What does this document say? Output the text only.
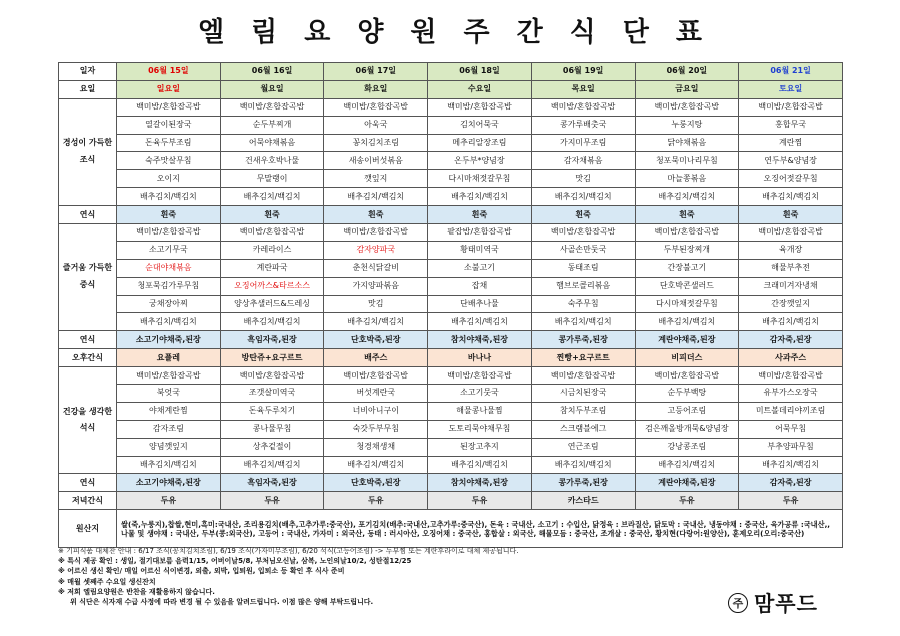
엘림요양원주간식단표
일자	06월 15일	06월 16일	06월 17일	06월 18일	06월 19일	06월 20일	06월 21일
요일	일요일	월요일	화요일	수요일	목요일	금요일	토요일
경성이 가득한 조식	백미밥/혼합잡곡밥	백미밥/혼합잡곡밥	백미밥/혼합잡곡밥	백미밥/혼합잡곡밥	백미밥/혼합잡곡밥	백미밥/혼합잡곡밥	백미밥/혼합잡곡밥
	열갈이된장국	순두부찌개	아욱국	김치어묵국	콩가루배춧국	누룽지탕	홍합무국
	돈육두부조림	어묵야채볶음	꽁치김치조림	메추리알장조림	가지미무조림	닭야채볶음	계란찜
	숙주맛살무침	건새우호박나물	새송이버섯볶음	온두부*양념장	감자채볶음	청포묵미나리무침	연두부&양념장
	오이지	무말랭이	깻잎지	다시마채젓갈무침	맛김	마늘쫑볶음	오징어젓갈무침
	배추김치/백김치	배추김치/백김치	배추김치/백김치	배추김치/백김치	배추김치/백김치	배추김치/백김치	배추김치/백김치
연식	흰죽	흰죽	흰죽	흰죽	흰죽	흰죽	흰죽
즐거움 가득한 중식	백미밥/혼합잡곡밥	백미밥/혼합잡곡밥	백미밥/혼합잡곡밥	팥잡밥/혼합잡곡밥	백미밥/혼합잡곡밥	백미밥/혼합잡곡밥	백미밥/혼합잡곡밥
	소고기무국	카레라이스	감자양파국	황태미역국	사골손만둣국	두부된장찌개	육개장
	순대야채볶음	계란파국	춘천식닭갈비	소불고기	동태조림	간장불고기	해물부추전
	청포묵김가루무침	오징어까스&타르소스	가지양파볶음	잡채	햄브로콜리볶음	단호박콘샐러드	크래미겨자냉채
	궁채장아찌	양상추샐러드&드레싱	맛김	단배추나물	숙주무침	다시마채젓갈무침	간장깻잎지
	배추김치/백김치	배추김치/백김치	배추김치/백김치	배추김치/백김치	배추김치/백김치	배추김치/백김치	배추김치/백김치
연식	소고기야채죽,된장	흑임자죽,된장	단호박죽,된장	참치야채죽,된장	콩가루죽,된장	계란야채죽,된장	감자죽,된장
오후간식	요플레	방탄쥬+요구르트	배주스	바나나	찐빵+요구르트	비피더스	사과주스
건강을 생각한 석식	백미밥/혼합잡곡밥	백미밥/혼합잡곡밥	백미밥/혼합잡곡밥	백미밥/혼합잡곡밥	백미밥/혼합잡곡밥	백미밥/혼합잡곡밥	백미밥/혼합잡곡밥
	북엇국	조갯살미역국	버섯계란국	소고기뭇국	시금치된장국	순두부백탕	유부가스오장국
	야채계란찜	돈육두루치기	너비아니구이	해물콩나물찜	참치두부조림	고등어조림	미트볼데리야끼조림
	감자조림	콩나물무침	숙갓두부무침	도토리묵야채무침	스크램블에그	검은깨올방개묵&양념장	어묵무침
	양념깻잎지	상추겉절이	청경채생채	된장고추지	연근조림	강낭콩조림	부추양파무침
	배추김치/백김치	배추김치/백김치	배추김치/백김치	배추김치/백김치	배추김치/백김치	배추김치/백김치	배추김치/백김치
연식	소고기야채죽,된장	흑임자죽,된장	단호박죽,된장	참치야채죽,된장	콩가루죽,된장	계란야채죽,된장	감자죽,된장
저녁간식	두유	두유	두유	두유	카스타드	두유	두유
원산지	쌀(죽,누룽지),찹쌀,현미,흑미:국내산, 조리용김치(배추,고추가루:중국산), 포기김치(배추:국내산,고추가루:중국산), 돈육 : 국내산, 소고기 : 수입산, 닭정육 : 브라질산, 닭토막 : 국내산, 냉동야채 : 중국산, 육가공류 :국내산,, 나물 및 생야채 : 국내산, 두부(콩:외국산), 고등어 : 국내산, 가자미 : 외국산, 동태 : 러시아산, 오징어채 : 중국산, 홍합살 : 외국산, 해물모듬 : 중국산, 조개살 : 중국산, 황치현(다랑어:원양산), 훈제오리(오리:중국산)						
※ 기피식품 대체찬 안내 : 6/17 조식(꽁치김치조림), 6/19 조식(가자미무조림), 6/20 석식(고등어조림) -> 두부찜 또는 계란후라이로 대체 제공됩니다.
※ 특식 제공 확인 : 생일, 절기대보름 음력1/15, 어버이날5/8, 부처님오신날, 삼복, 노인의날10/2, 성탄절12/25
※ 어르신 생신 확인/ 매일 어르신 식이변경, 외출, 외박, 입퇴원, 입퇴소 등 확인 후 식사 준비
※ 매월 셋째주 수요일 생신잔치
※ 저희 엘림요양원은 반찬을 재활용하지 않습니다.
위 식단은 식자재 수급 사정에 따라 변경 될 수 있음을 알려드립니다. 이점 많은 양해 부탁드립니다.	주 맘푸드
